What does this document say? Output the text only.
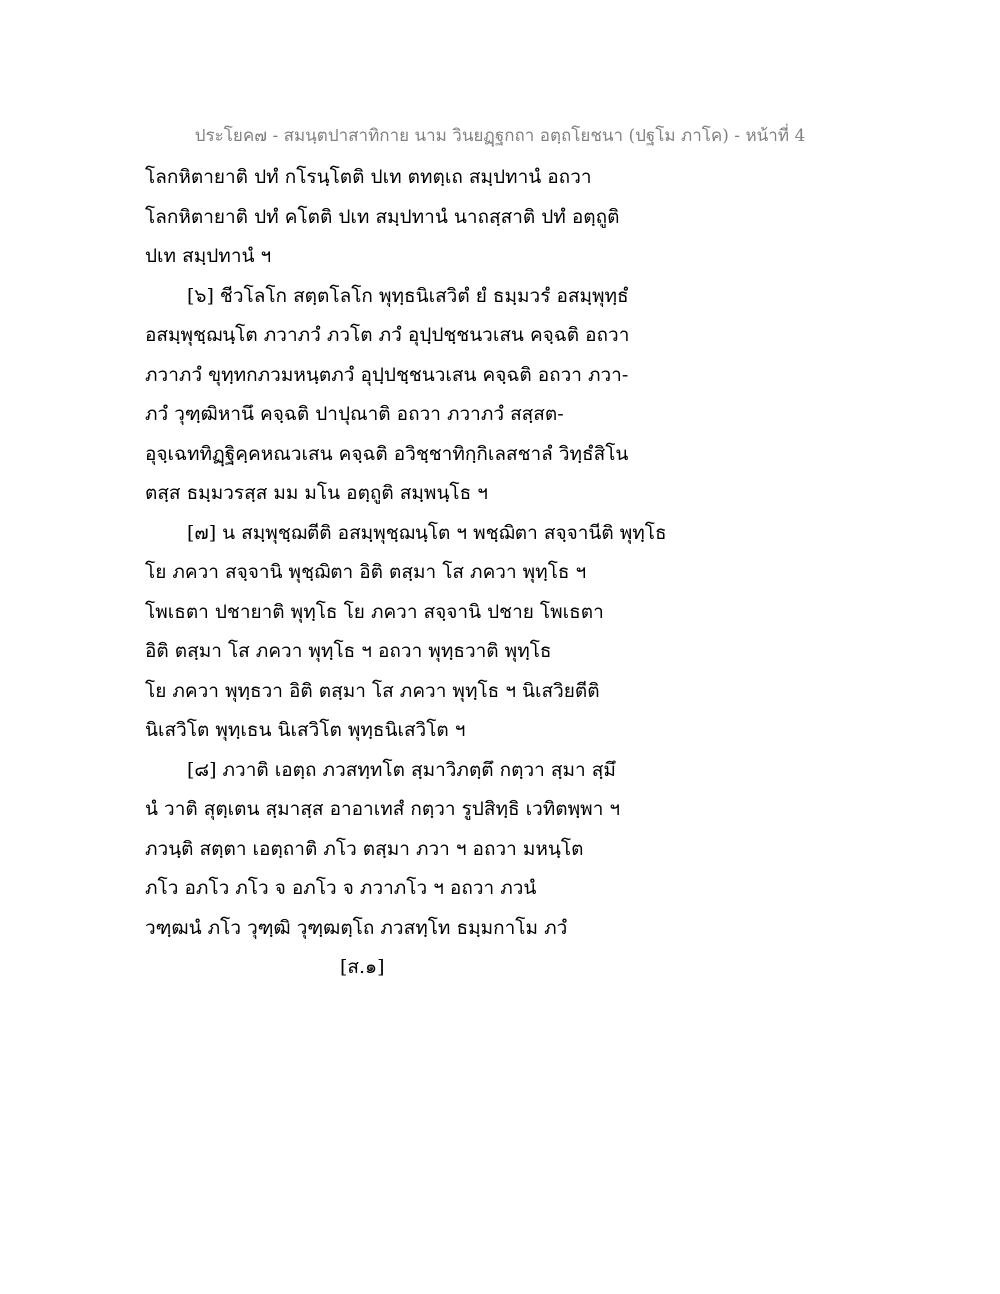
ประโยค๗ - สมนฺตปาสาทิกาย นาม วินยฏฺฐกถา อตฺถโยชนา (ปฐโม ภาโค) - หน้าที่ 4
โลกหิตายาติ ปทํ กโรนฺโตติ ปเท ตทตฺเถ สมฺปทานํ อถวา
โลกหิตายาติ ปทํ คโตติ ปเท สมฺปทานํ นาถสฺสาติ ปทํ อตฺถูติ
ปเท สมฺปทานํ ฯ
[๖] ชีวโลโก สตฺตโลโก พุทฺธนิเสวิตํ ยํ ธมฺมวรํ อสมฺพุทฺธํ
อสมฺพุชฺฌนฺโต ภวาภวํ ภวโต ภวํ อุปฺปชฺชนวเสน คจฺฉติ อถวา
ภวาภวํ ขุทฺทกภวมหนฺตภวํ อุปฺปชฺชนวเสน คจฺฉติ อถวา ภวา-
ภวํ วุฑฺฒิหานึ คจฺฉติ ปาปุณาติ อถวา ภวาภวํ สสฺสต-
อุจฺเฉททิฏฺฐิคฺคหณวเสน คจฺฉติ อวิชฺชาทิกฺกิเลสชาลํ วิทฺธํสิโน
ตสฺส ธมฺมวรสฺส มม มโน อตฺถูติ สมฺพนฺโธ ฯ
[๗] น สมฺพุชฺฌตีติ อสมฺพุชฺฌนฺโต ฯ พชฺฌิตา สจฺจานีติ พุทฺโธ
โย ภควา สจฺจานิ พุชฺฌิตา อิติ ตสฺมา โส ภควา พุทฺโธ ฯ
โพเธตา ปชายาติ พุทฺโธ โย ภควา สจฺจานิ ปชาย โพเธตา
อิติ ตสฺมา โส ภควา พุทฺโธ ฯ อถวา พุทฺธวาติ พุทฺโธ
โย ภควา พุทฺธวา อิติ ตสฺมา โส ภควา พุทฺโธ ฯ นิเสวิยตีติ
นิเสวิโต พุทฺเธน นิเสวิโต พุทฺธนิเสวิโต ฯ
[๘] ภวาติ เอตฺถ ภวสทฺทโต สฺมาวิภตฺตึ กตฺวา สฺมา สฺมึ
นํ วาติ สุตฺเตน สฺมาสฺส อาอาเทสํ กตฺวา รูปสิทฺธิ เวทิตพฺพา ฯ
ภวนฺติ สตฺตา เอตฺถาติ ภโว ตสฺมา ภวา ฯ อถวา มหนฺโต
ภโว อภโว ภโว จ อภโว จ ภวาภโว ฯ อถวา ภวนํ
วฑฺฒนํ ภโว วุฑฺฒิ วุฑฺฒตฺโถ ภวสทฺโท ธมฺมกาโม ภวํ
[ส.๑]
